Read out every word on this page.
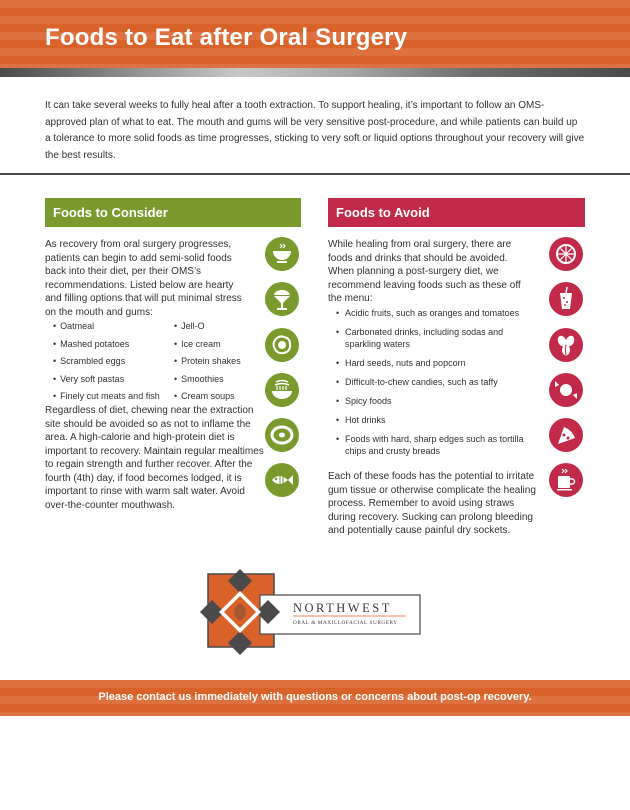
Foods to Eat after Oral Surgery

It can take several weeks to fully heal after a tooth extraction. To support healing, it’s important to follow an OMS-approved plan of what to eat. The mouth and gums will be very sensitive post-procedure, and while patients can build up a tolerance to more solid foods as time progresses, sticking to very soft or liquid options throughout your recovery will give the best results.

Foods to Consider

As recovery from oral surgery progresses, patients can begin to add semi-solid foods back into their diet, per their OMS’s recommendations. Listed below are hearty and filling options that will put minimal stress on the mouth and gums:

• Oatmeal	• Jell-O
• Mashed potatoes	• Ice cream
• Scrambled eggs	• Protein shakes
• Very soft pastas	• Smoothies
• Finely cut meats and fish	• Cream soups

Regardless of diet, chewing near the extraction site should be avoided so as not to inflame the area. A high-calorie and high-protein diet is important to recovery. Maintain regular mealtimes to regain strength and further recover. After the fourth (4th) day, if food becomes lodged, it is important to rinse with warm salt water. Avoid over-the-counter mouthwash.

Foods to Avoid

While healing from oral surgery, there are foods and drinks that should be avoided. When planning a post-surgery diet, we recommend leaving foods such as these off the menu:

• Acidic fruits, such as oranges and tomatoes
• Carbonated drinks, including sodas and sparkling waters
• Hard seeds, nuts and popcorn
• Difficult-to-chew candies, such as taffy
• Spicy foods
• Hot drinks
• Foods with hard, sharp edges such as tortilla chips and crusty breads

Each of these foods has the potential to irritate gum tissue or otherwise complicate the healing process. Remember to avoid using straws during recovery. Sucking can prolong bleeding and potentially cause painful dry sockets.

NORTHWEST
ORAL & MAXILLOFACIAL SURGERY

Please contact us immediately with questions or concerns about post-op recovery.
